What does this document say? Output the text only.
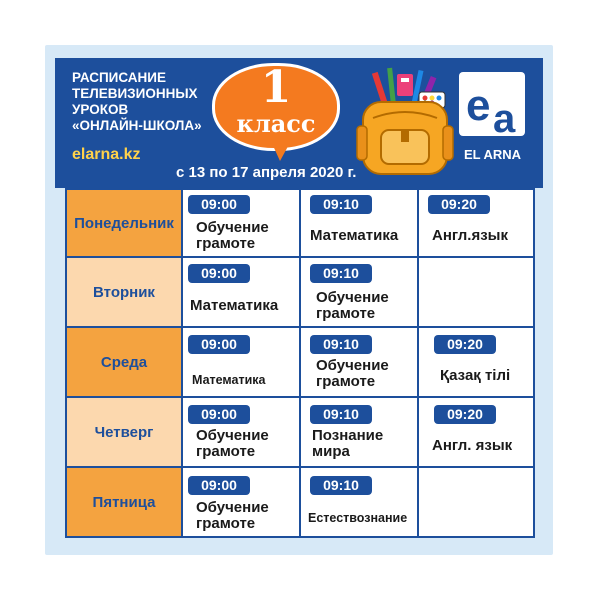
РАСПИСАНИЕ
ТЕЛЕВИЗИОННЫХ
УРОКОВ
«ОНЛАЙН-ШКОЛА»
elarna.kz
1
класс
с 13 по 17 апреля 2020 г.
e a
EL ARNA
Понедельник
09:00
Обучение
грамоте
09:10
Математика
09:20
Англ.язык
Вторник
09:00
Математика
09:10
Обучение
грамоте
Среда
09:00
Математика
09:10
Обучение
грамоте
09:20
Қазақ тілі
Четверг
09:00
Обучение
грамоте
09:10
Познание
мира
09:20
Англ. язык
Пятница
09:00
Обучение
грамоте
09:10
Естествознание
